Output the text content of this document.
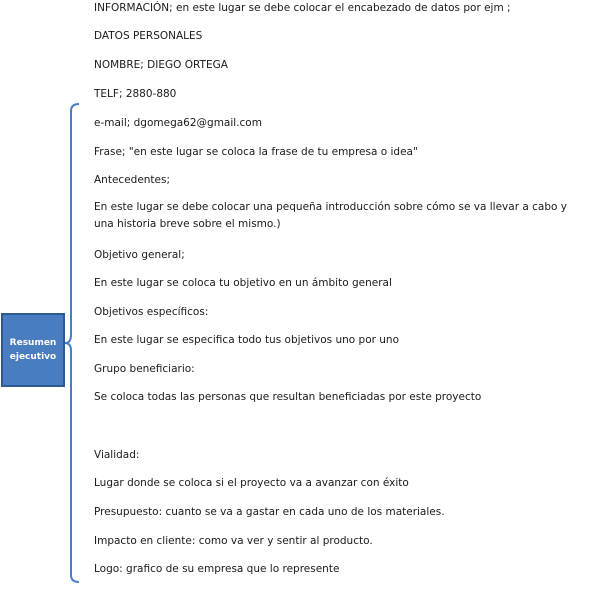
INFORMACIÓN; en este lugar se debe colocar el encabezado de datos por ejm ;
DATOS PERSONALES
NOMBRE; DIEGO ORTEGA
TELF; 2880-880
e-mail; dgomega62@gmail.com
Frase; "en este lugar se coloca la frase de tu empresa o idea"
Antecedentes;
En este lugar se debe colocar una pequeña introducción sobre cómo se va llevar a cabo y una historia breve sobre el mismo.)
Objetivo general;
En este lugar se coloca tu objetivo en un ámbito general
Objetivos específicos:
En este lugar se especifica todo tus objetivos uno por uno
Grupo beneficiario:
Se coloca todas las personas que resultan beneficiadas por este proyecto
Vialidad:
Lugar donde se coloca si el proyecto va a avanzar con éxito
Presupuesto: cuanto se va a gastar en cada uno de los materiales.
Impacto en cliente: como va ver y sentir al producto.
Logo: grafico de su empresa que lo represente
Resumen ejecutivo
